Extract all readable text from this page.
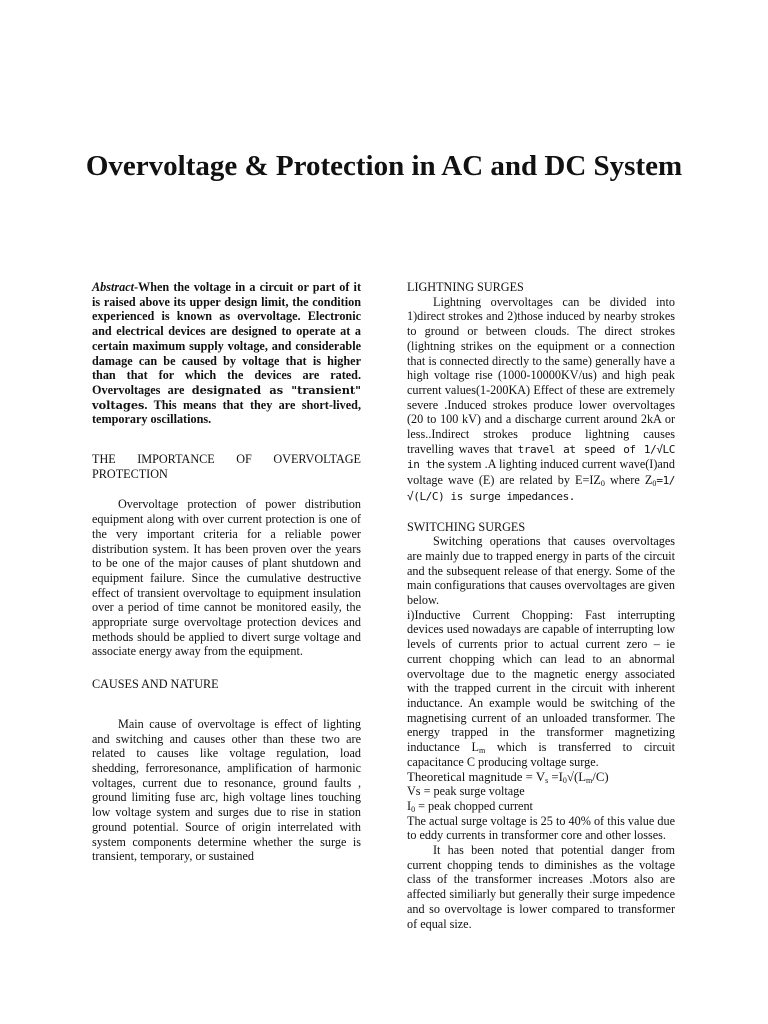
Overvoltage & Protection in AC and DC System

Abstract-When the voltage in a circuit or part of it is raised above its upper design limit, the condition experienced is known as overvoltage. Electronic and electrical devices are designed to operate at a certain maximum supply voltage, and considerable damage can be caused by voltage that is higher than that for which the devices are rated. Overvoltages are designated as "transient" voltages. This means that they are short-lived, temporary oscillations.

THE IMPORTANCE OF OVERVOLTAGE PROTECTION

Overvoltage protection of power distribution equipment along with over current protection is one of the very important criteria for a reliable power distribution system. It has been proven over the years to be one of the major causes of plant shutdown and equipment failure. Since the cumulative destructive effect of transient overvoltage to equipment insulation over a period of time cannot be monitored easily, the appropriate surge overvoltage protection devices and methods should be applied to divert surge voltage and associate energy away from the equipment.

CAUSES AND NATURE

Main cause of overvoltage is effect of lighting and switching and causes other than these two are related to causes like voltage regulation, load shedding, ferroresonance, amplification of harmonic voltages, current due to resonance, ground faults , ground limiting fuse arc, high voltage lines touching low voltage system and surges due to rise in station ground potential. Source of origin interrelated with system components determine whether the surge is transient, temporary, or sustained

LIGHTNING SURGES

Lightning overvoltages can be divided into 1)direct strokes and 2)those induced by nearby strokes to ground or between clouds. The direct strokes (lightning strikes on the equipment or a connection that is connected directly to the same) generally have a high voltage rise (1000-10000KV/us) and high peak current values(1-200KA) Effect of these are extremely severe .Induced strokes produce lower overvoltages (20 to 100 kV) and a discharge current around 2kA or less..Indirect strokes produce lightning causes travelling waves that travel at speed of 1/√LC in the system .A lighting induced current wave(I)and voltage wave (E) are related by $E=IZ_0$ where $Z_0=1/√(L/C)$ is surge impedances.

SWITCHING SURGES

Switching operations that causes overvoltages are mainly due to trapped energy in parts of the circuit and the subsequent release of that energy. Some of the main configurations that causes overvoltages are given below.

i)Inductive Current Chopping: Fast interrupting devices used nowadays are capable of interrupting low levels of currents prior to actual current zero – ie current chopping which can lead to an abnormal overvoltage due to the magnetic energy associated with the trapped current in the circuit with inherent inductance. An example would be switching of the magnetising current of an unloaded transformer. The energy trapped in the transformer magnetizing inductance $L_m$ which is transferred to circuit capacitance C producing voltage surge.

Theoretical magnitude = $V_s =I_0√(L_m/C)$

Vs = peak surge voltage

$I_0$ = peak chopped current

The actual surge voltage is 25 to 40% of this value due to eddy currents in transformer core and other losses.

It has been noted that potential danger from current chopping tends to diminishes as the voltage class of the transformer increases .Motors also are affected similiarly but generally their surge impedence and so overvoltage is lower compared to transformer of equal size.
